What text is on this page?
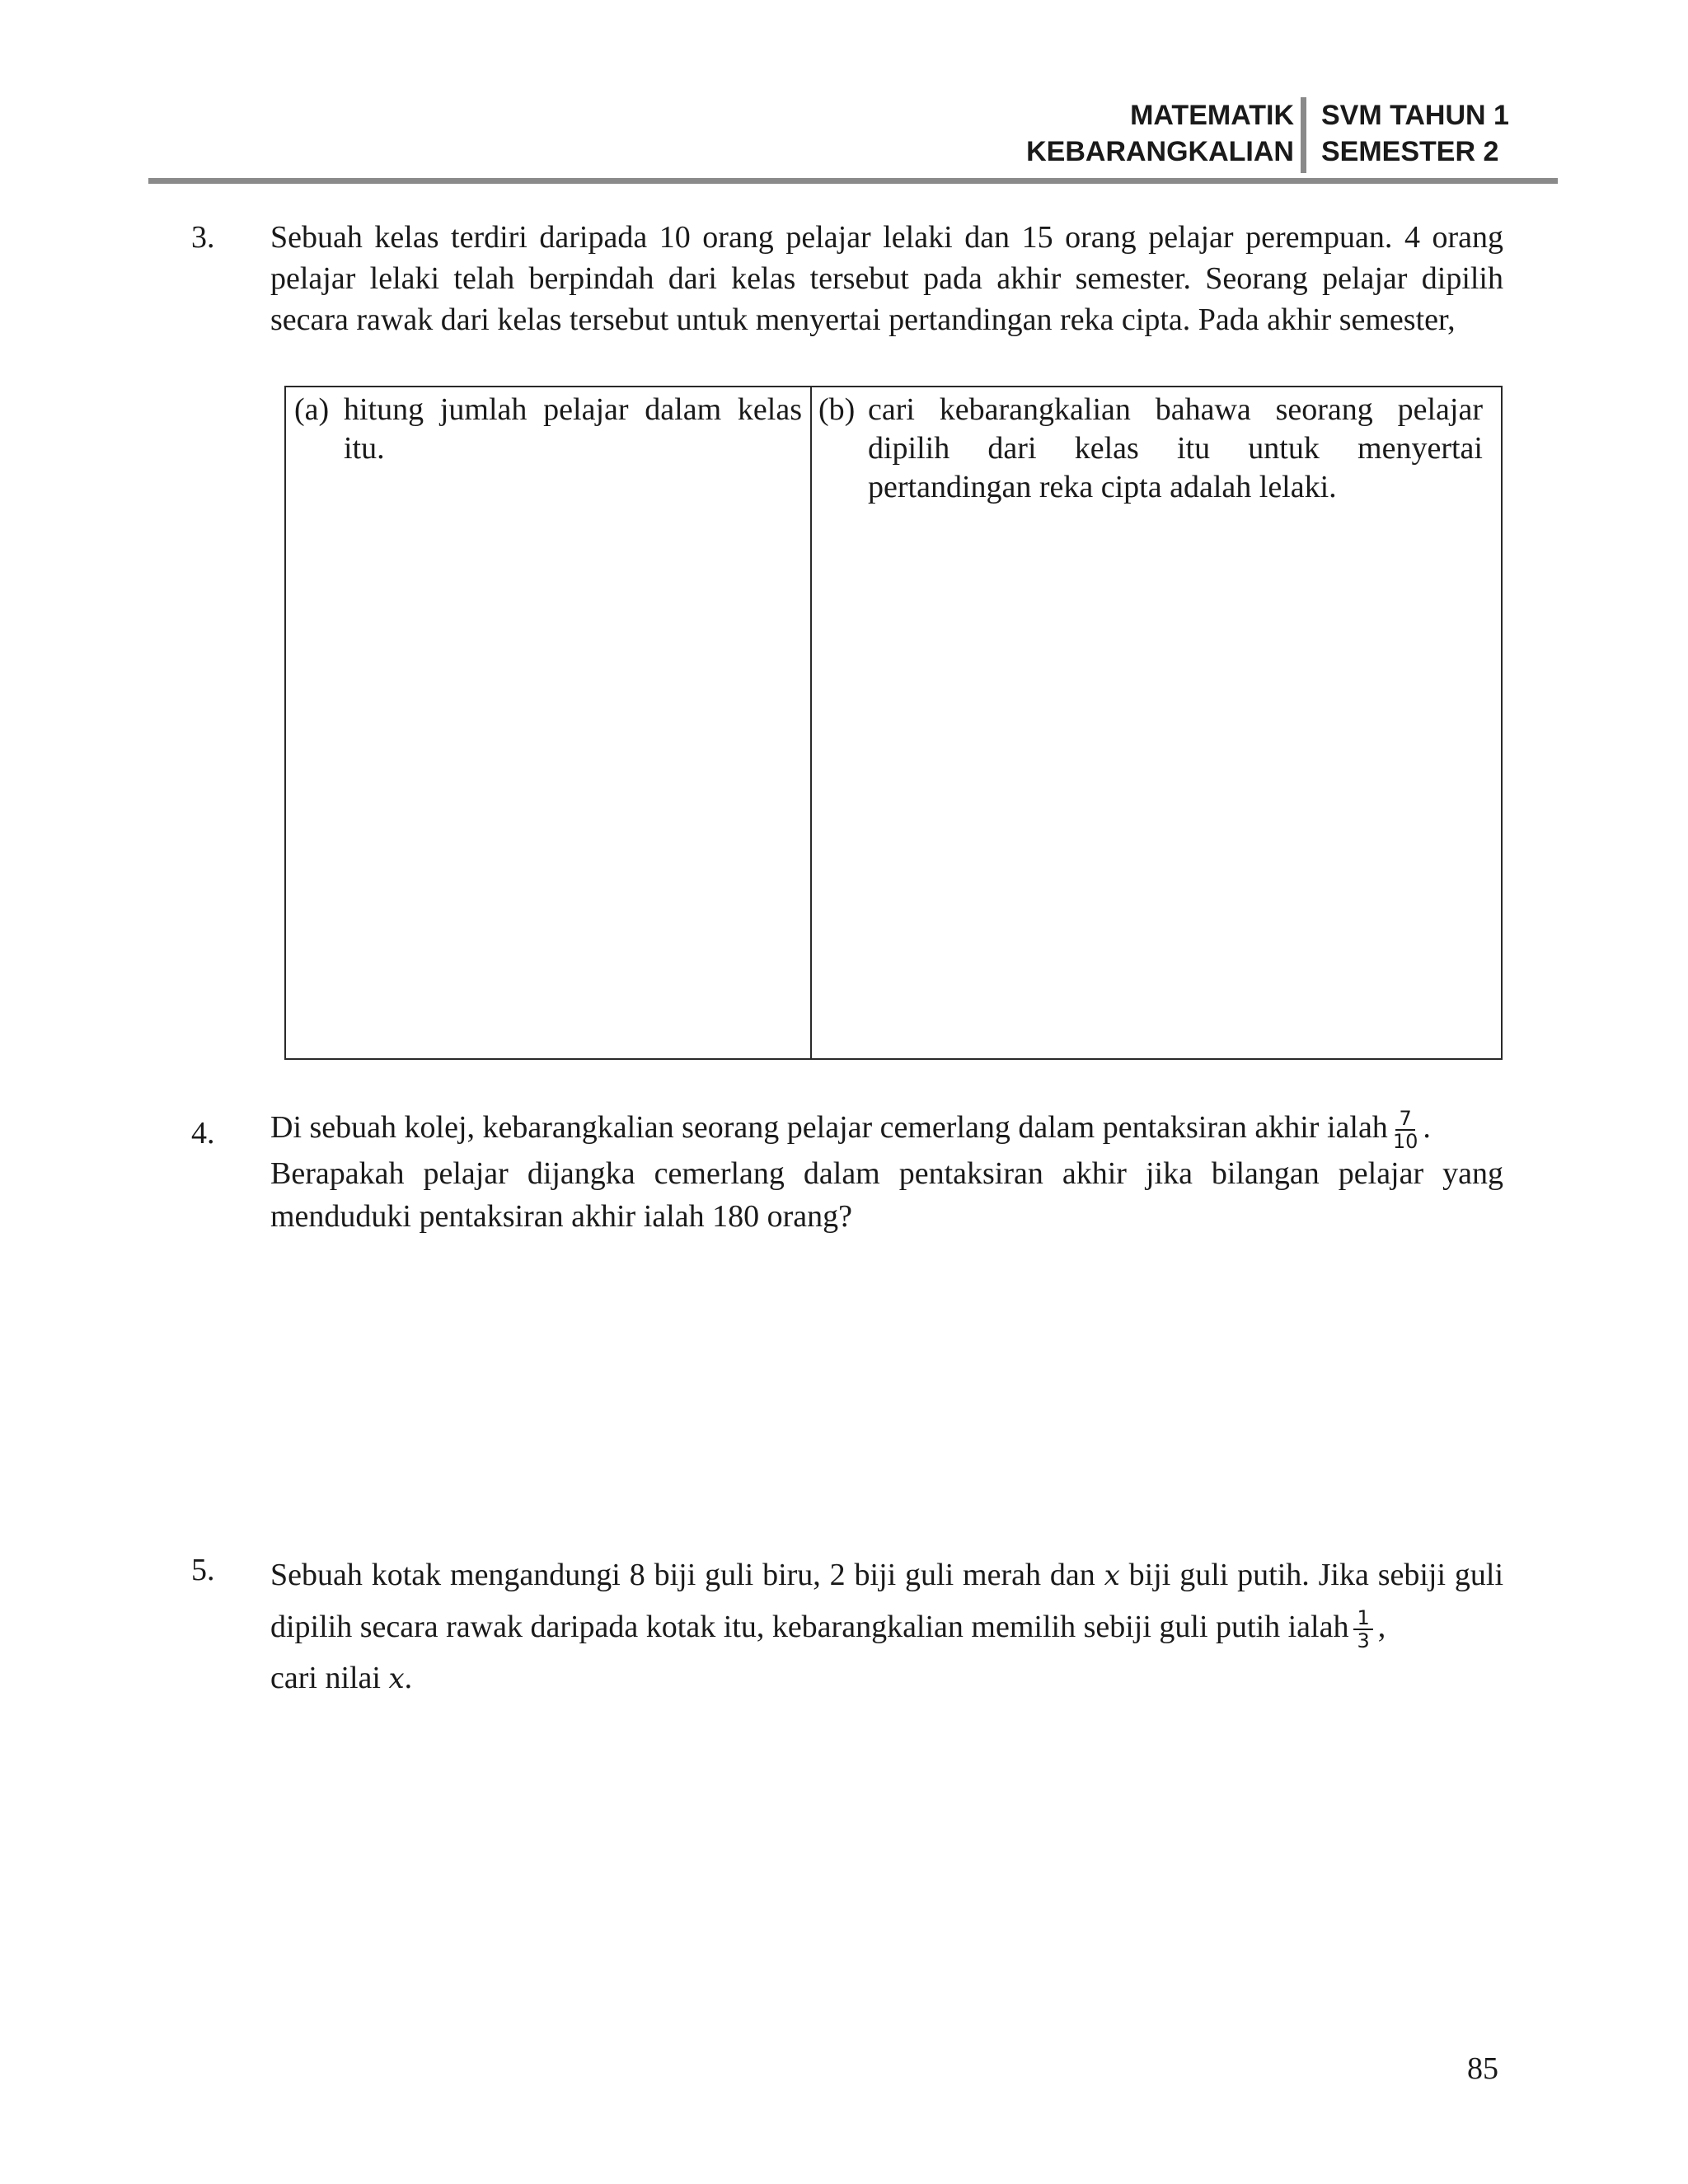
MATEMATIK
KEBARANGKALIAN
SVM TAHUN 1
SEMESTER 2
3. Sebuah kelas terdiri daripada 10 orang pelajar lelaki dan 15 orang pelajar perempuan. 4 orang pelajar lelaki telah berpindah dari kelas tersebut pada akhir semester. Seorang pelajar dipilih secara rawak dari kelas tersebut untuk menyertai pertandingan reka cipta. Pada akhir semester,

(a) hitung jumlah pelajar dalam kelas itu.
(b) cari kebarangkalian bahawa seorang pelajar dipilih dari kelas itu untuk menyertai pertandingan reka cipta adalah lelaki.
4. Di sebuah kolej, kebarangkalian seorang pelajar cemerlang dalam pentaksiran akhir ialah $\frac{7}{10}$ .

Berapakah pelajar dijangka cemerlang dalam pentaksiran akhir jika bilangan pelajar yang menduduki pentaksiran akhir ialah 180 orang?

5. Sebuah kotak mengandungi 8 biji guli biru, 2 biji guli merah dan x biji guli putih. Jika sebiji guli dipilih secara rawak daripada kotak itu, kebarangkalian memilih sebiji guli putih ialah $\frac{1}{3}$ ,

cari nilai x.

85
